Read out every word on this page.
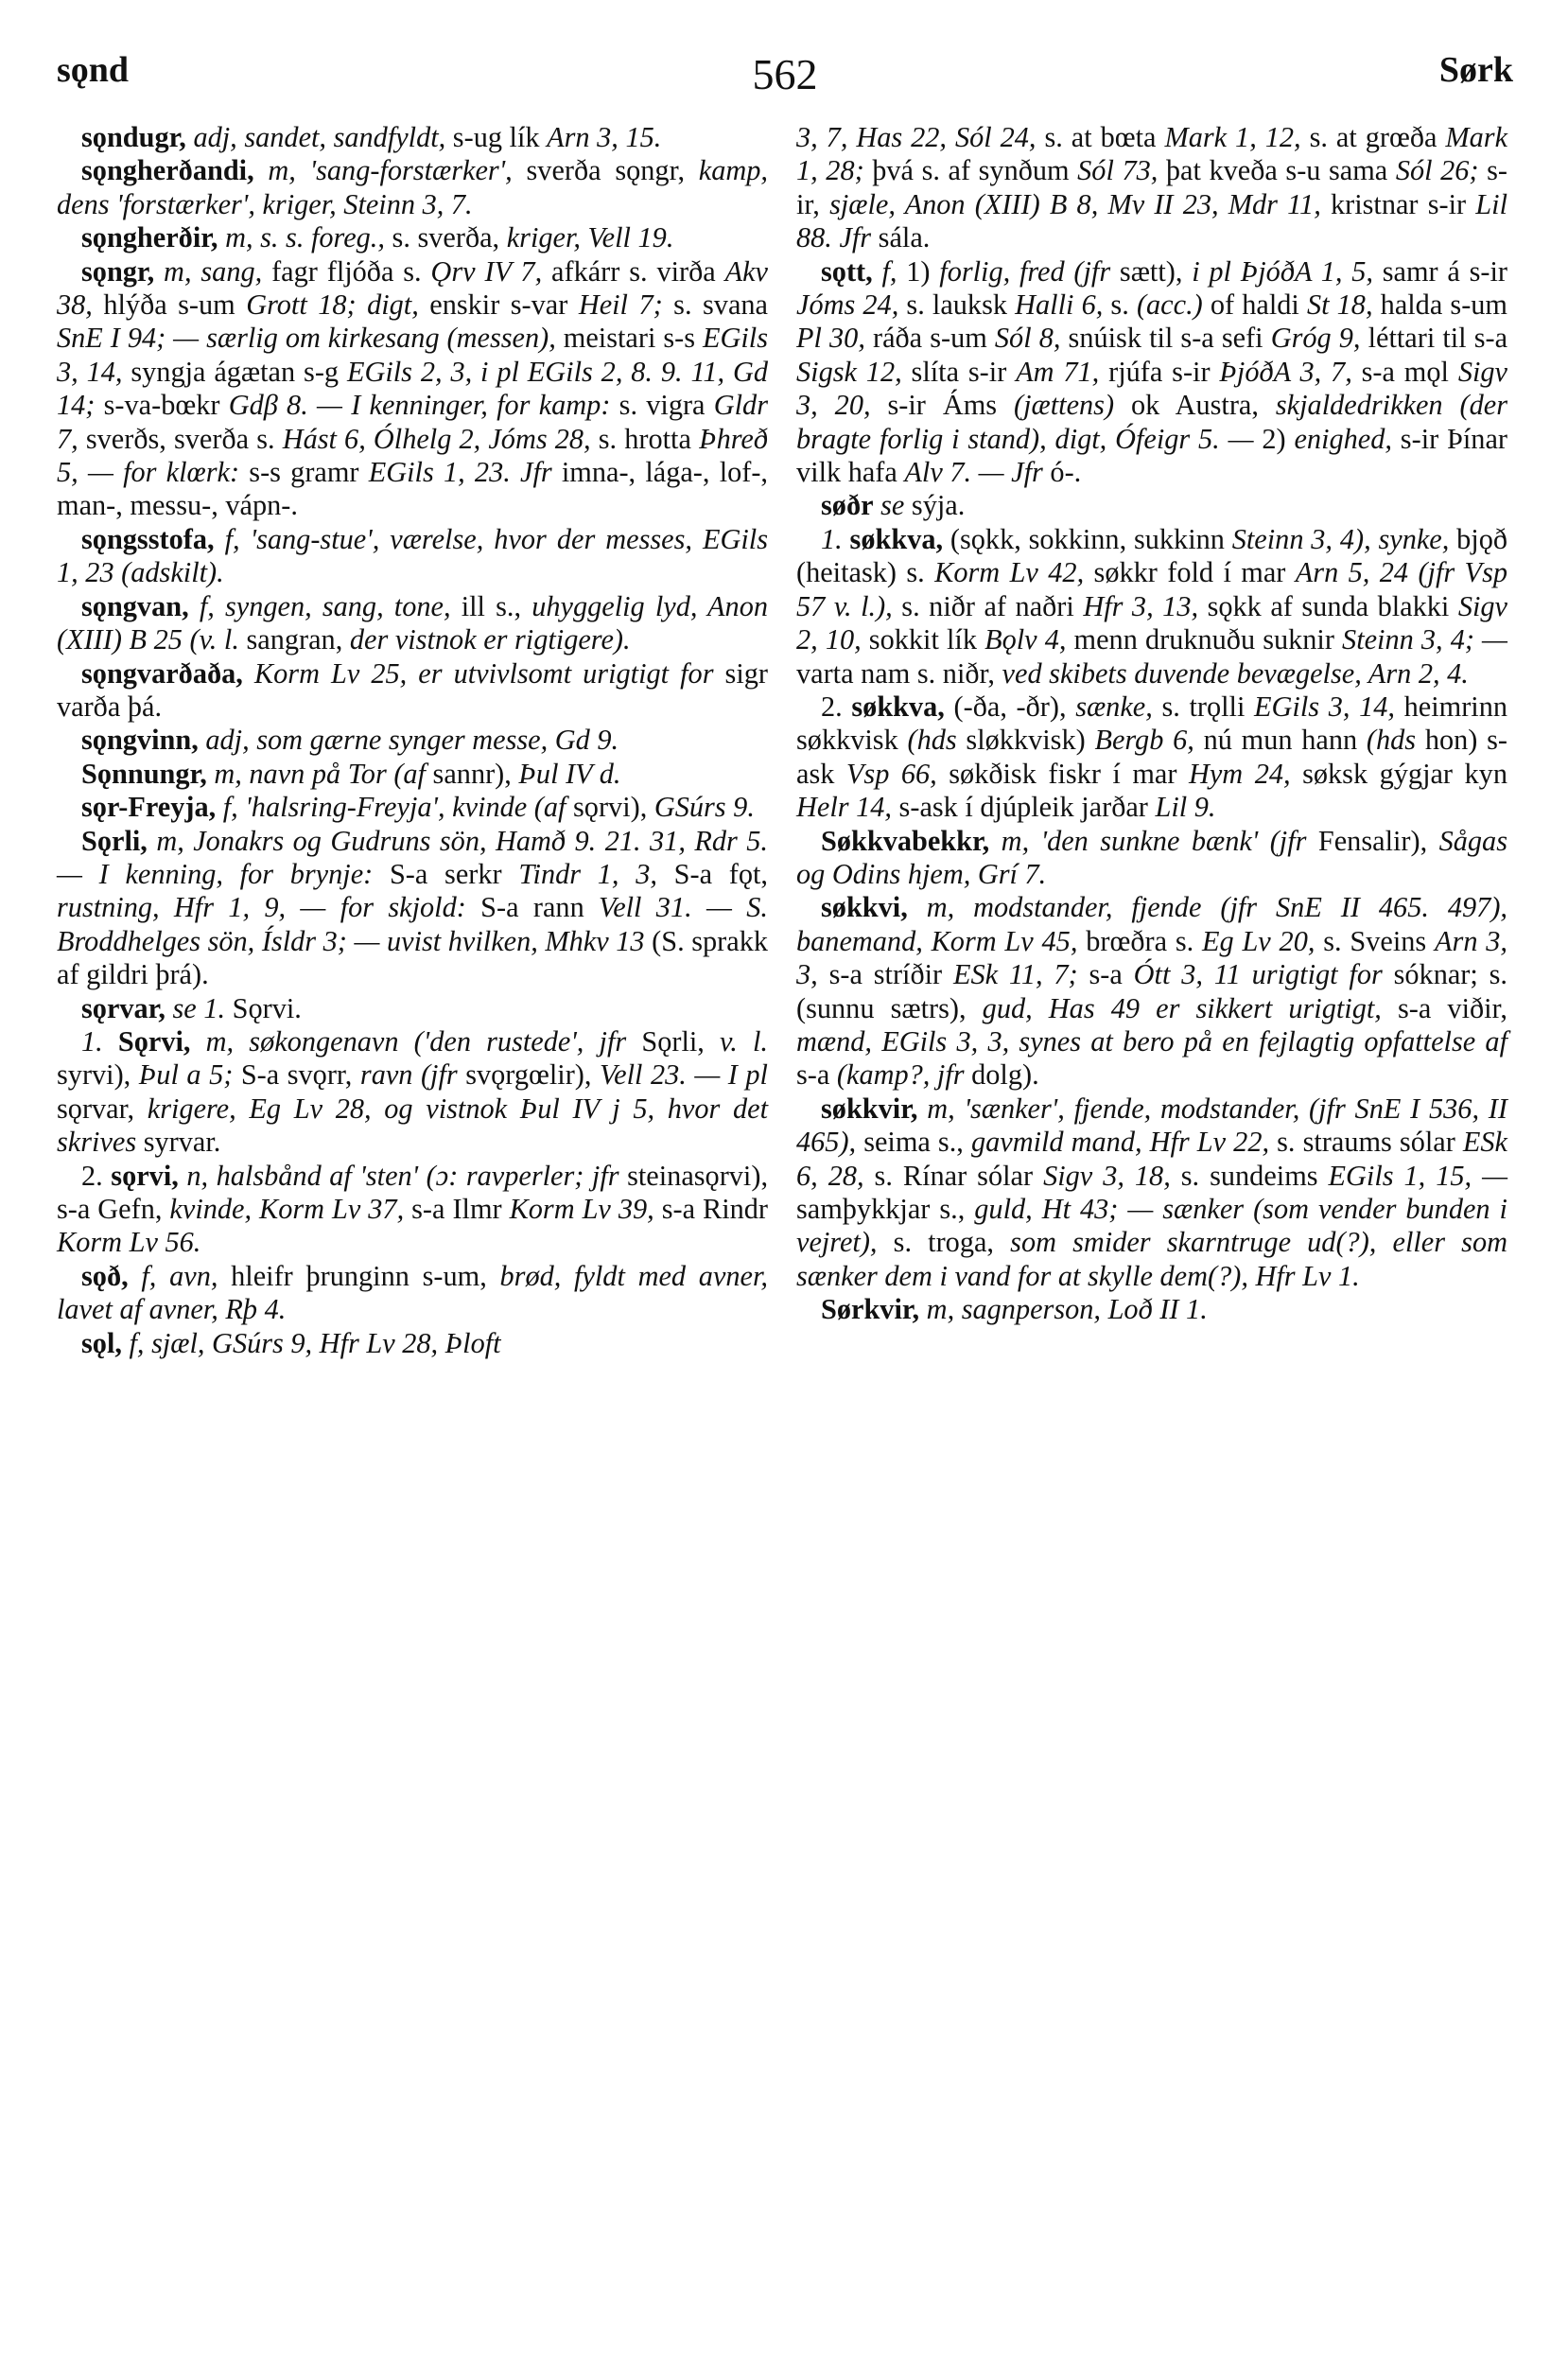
sǫnd	562	Sørk

sǫndugr, adj, sandet, sandfyldt, s-ug lík Arn 3, 15.

sǫngherðandi, m, 'sang-forstærker', sverða sǫngr, kamp, dens 'forstærker', kriger, Steinn 3, 7.

sǫngherðir, m, s. s. foreg., s. sverða, kriger, Vell 19.

sǫngr, m, sang, fagr fljóða s. Ǫrv IV 7, afkárr s. virða Akv 38, hlýða s-um Grott 18; digt, enskir s-var Heil 7; s. svana SnE I 94; — særlig om kirkesang (messen), meistari s-s EGils 3, 14, syngja ágætan s-g EGils 2, 3, i pl EGils 2, 8. 9. 11, Gd 14; s-va-bœkr Gdβ 8. — I kenninger, for kamp: s. vigra Gldr 7, sverðs, sverða s. Hást 6, Ólhelg 2, Jóms 28, s. hrotta Þhreð 5, — for klœrk: s-s gramr EGils 1, 23. Jfr imna-, lága-, lof-, man-, messu-, vápn-.

sǫngsstofa, f, 'sang-stue', værelse, hvor der messes, EGils 1, 23 (adskilt).

sǫngvan, f, syngen, sang, tone, ill s., uhyggelig lyd, Anon (XIII) B 25 (v. l. sangran, der vistnok er rigtigere).

sǫngvarðaða, Korm Lv 25, er utvivlsomt urigtigt for sigr varða þá.

sǫngvinn, adj, som gærne synger messe, Gd 9.

Sǫnnungr, m, navn på Tor (af sannr), Þul IV d.

sǫr-Freyja, f, 'halsring-Freyja', kvinde (af sǫrvi), GSúrs 9.

Sǫrli, m, Jonakrs og Gudruns sön, Hamð 9. 21. 31, Rdr 5. — I kenning, for brynje: S-a serkr Tindr 1, 3, S-a fǫt, rustning, Hfr 1, 9, — for skjold: S-a rann Vell 31. — S. Broddhelges sön, Ísldr 3; — uvist hvilken, Mhkv 13 (S. sprakk af gildri þrá).

sǫrvar, se 1. Sǫrvi.

1. Sǫrvi, m, søkongenavn ('den rustede', jfr Sǫrli, v. l. syrvi), Þul a 5; S-a svǫrr, ravn (jfr svǫrgœlir), Vell 23. — I pl sǫrvar, krigere, Eg Lv 28, og vistnok Þul IV j 5, hvor det skrives syrvar.

2. sǫrvi, n, halsbånd af 'sten' (ɔ: ravperler; jfr steinasǫrvi), s-a Gefn, kvinde, Korm Lv 37, s-a Ilmr Korm Lv 39, s-a Rindr Korm Lv 56.

sǫð, f, avn, hleifr þrunginn s-um, brød, fyldt med avner, lavet af avner, Rþ 4.

sǫl, f, sjæl, GSúrs 9, Hfr Lv 28, Þloft

3, 7, Has 22, Sól 24, s. at bœta Mark 1, 12, s. at grœða Mark 1, 28; þvá s. af synðum Sól 73, þat kveða s-u sama Sól 26; s-ir, sjæle, Anon (XIII) B 8, Mv II 23, Mdr 11, kristnar s-ir Lil 88. Jfr sála.

sǫtt, f, 1) forlig, fred (jfr sætt), i pl ÞjóðA 1, 5, samr á s-ir Jóms 24, s. lauksk Halli 6, s. (acc.) of haldi St 18, halda s-um Pl 30, ráða s-um Sól 8, snúisk til s-a sefi Gróg 9, léttari til s-a Sigsk 12, slíta s-ir Am 71, rjúfa s-ir ÞjóðA 3, 7, s-a mǫl Sigv 3, 20, s-ir Áms (jættens) ok Austra, skjaldedrikken (der bragte forlig i stand), digt, Ófeigr 5. — 2) enighed, s-ir Þínar vilk hafa Alv 7. — Jfr ó-.

søðr se sýja.

1. søkkva, (sǫkk, sokkinn, sukkinn Steinn 3, 4), synke, bjǫð (heitask) s. Korm Lv 42, søkkr fold í mar Arn 5, 24 (jfr Vsp 57 v. l.), s. niðr af naðri Hfr 3, 13, sǫkk af sunda blakki Sigv 2, 10, sokkit lík Bǫlv 4, menn druknuðu suknir Steinn 3, 4; — varta nam s. niðr, ved skibets duvende bevægelse, Arn 2, 4.

2. søkkva, (-ða, -ðr), sænke, s. trǫlli EGils 3, 14, heimrinn søkkvisk (hds sløkkvisk) Bergb 6, nú mun hann (hds hon) s-ask Vsp 66, søkðisk fiskr í mar Hym 24, søksk gýgjar kyn Helr 14, s-ask í djúpleik jarðar Lil 9.

Søkkvabekkr, m, 'den sunkne bænk' (jfr Fensalir), Sågas og Odins hjem, Grí 7.

søkkvi, m, modstander, fjende (jfr SnE II 465. 497), banemand, Korm Lv 45, brœðra s. Eg Lv 20, s. Sveins Arn 3, 3, s-a stríðir ESk 11, 7; s-a Ótt 3, 11 urigtigt for sóknar; s. (sunnu sætrs), gud, Has 49 er sikkert urigtigt, s-a viðir, mænd, EGils 3, 3, synes at bero på en fejlagtig opfattelse af s-a (kamp?, jfr dolg).

søkkvir, m, 'sænker', fjende, modstander, (jfr SnE I 536, II 465), seima s., gavmild mand, Hfr Lv 22, s. straums sólar ESk 6, 28, s. Rínar sólar Sigv 3, 18, s. sundeims EGils 1, 15, — samþykkjar s., guld, Ht 43; — sænker (som vender bunden i vejret), s. troga, som smider skarntruge ud(?), eller som sænker dem i vand for at skylle dem(?), Hfr Lv 1.

Sørkvir, m, sagnperson, Loð II 1.
